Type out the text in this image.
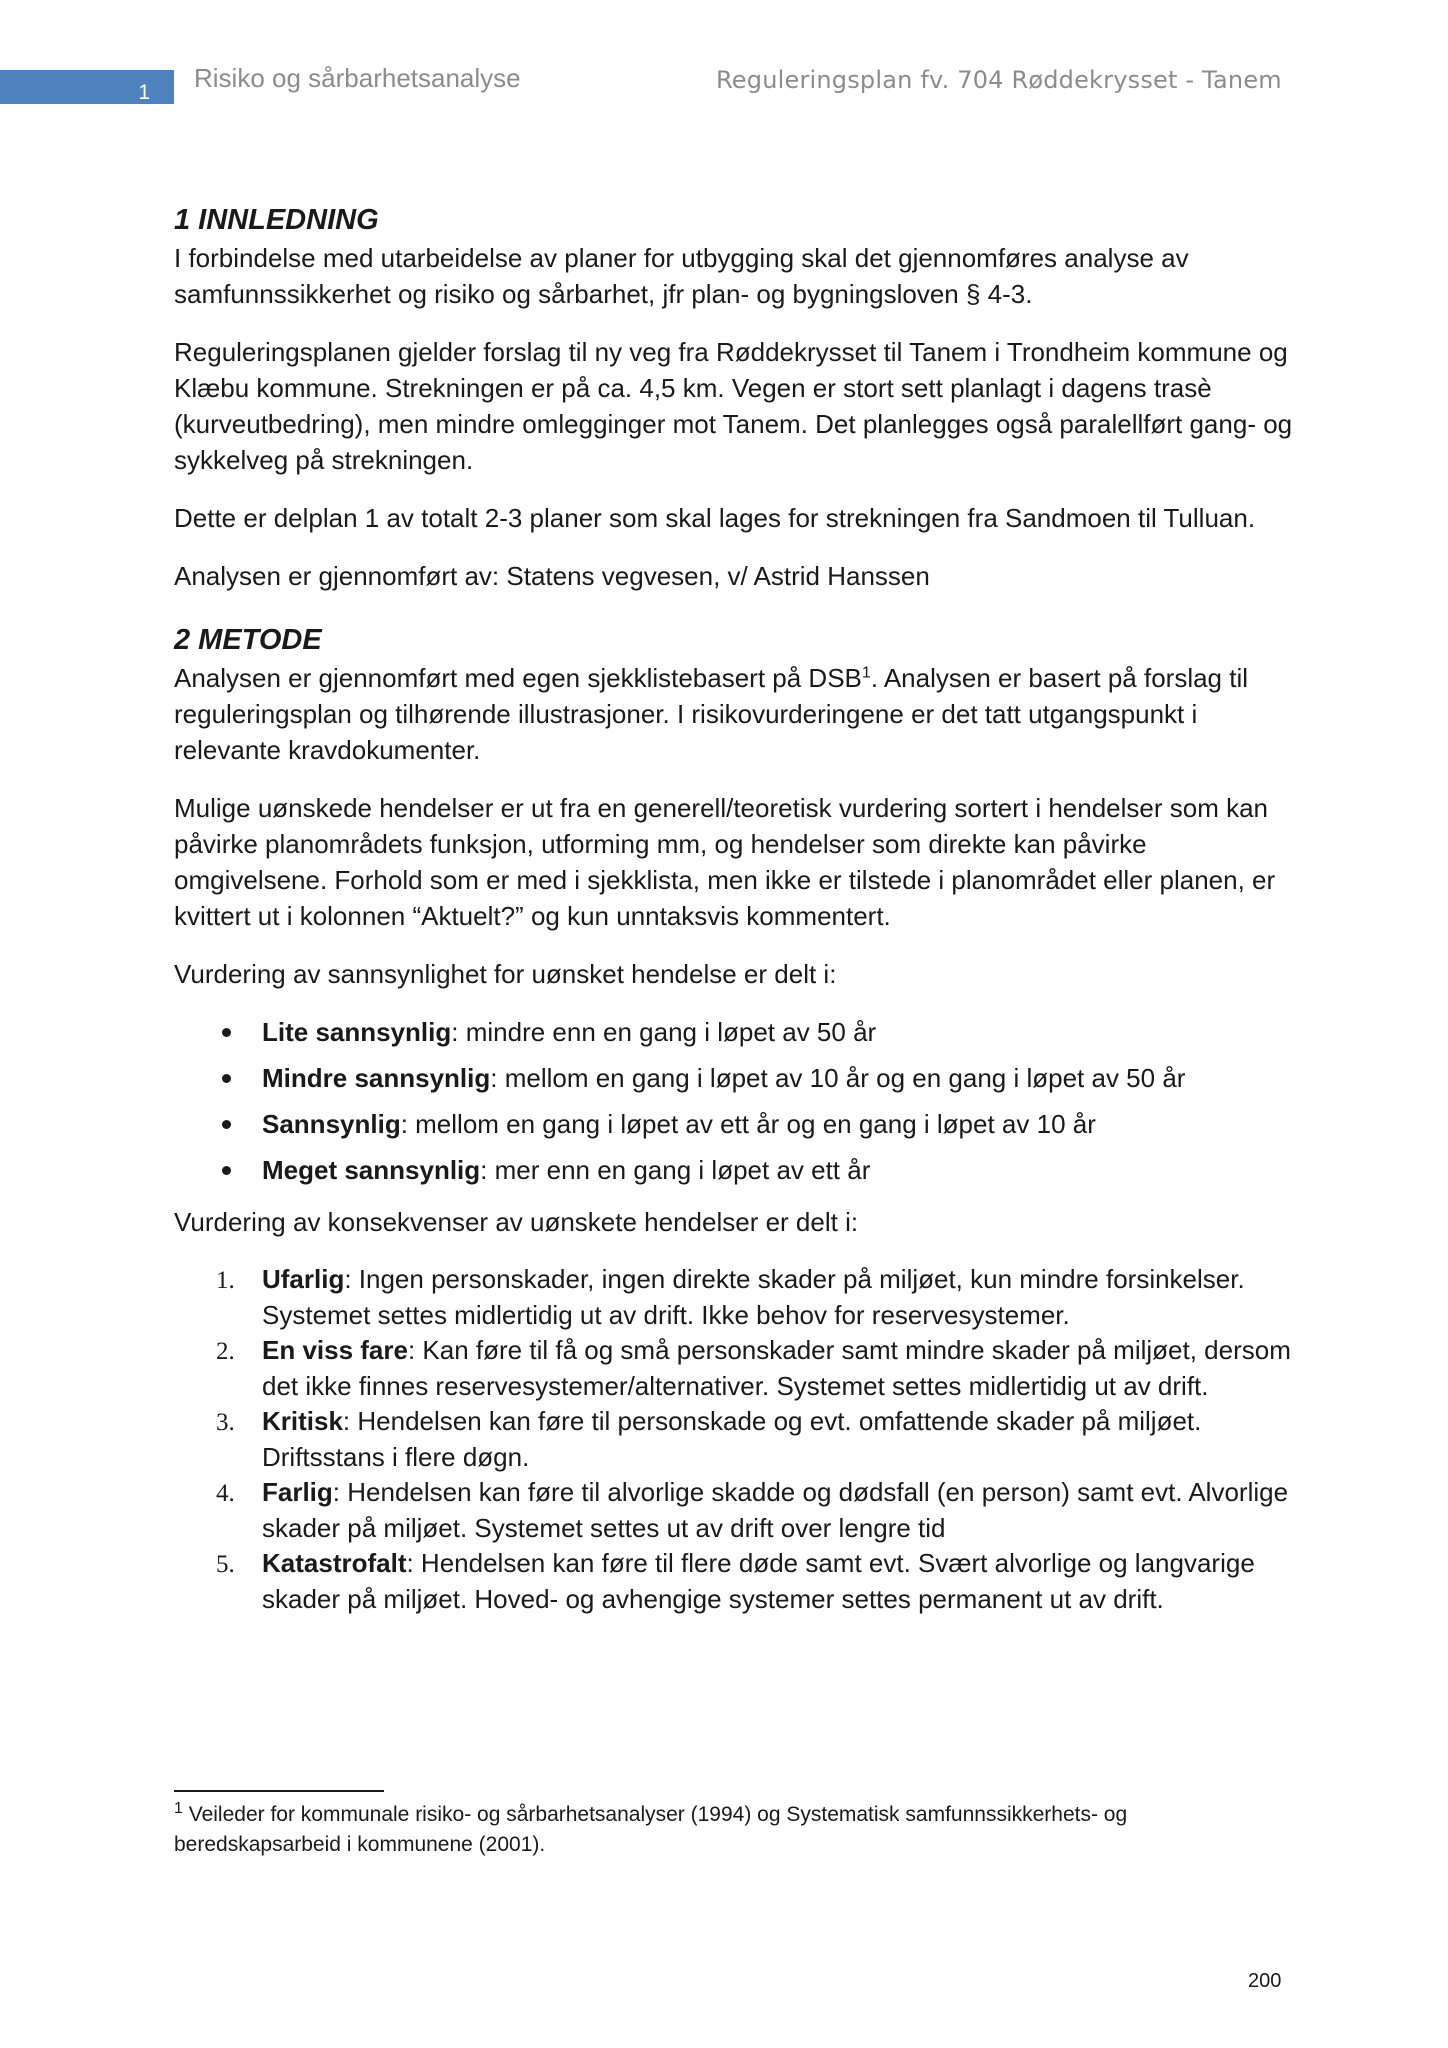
1 Risiko og sårbarhetsanalyse	Reguleringsplan fv. 704 Røddekrysset - Tanem
1 INNLEDNING

I forbindelse med utarbeidelse av planer for utbygging skal det gjennomføres analyse av samfunnssikkerhet og risiko og sårbarhet, jfr plan- og bygningsloven § 4-3.

Reguleringsplanen gjelder forslag til ny veg fra Røddekrysset til Tanem i Trondheim kommune og Klæbu kommune. Strekningen er på ca. 4,5 km. Vegen er stort sett planlagt i dagens trasè (kurveutbedring), men mindre omlegginger mot Tanem. Det planlegges også paralellført gang- og sykkelveg på strekningen.

Dette er delplan 1 av totalt 2-3 planer som skal lages for strekningen fra Sandmoen til Tulluan.

Analysen er gjennomført av: Statens vegvesen, v/ Astrid Hanssen

2 METODE

Analysen er gjennomført med egen sjekklistebasert på DSB$^1$. Analysen er basert på forslag til reguleringsplan og tilhørende illustrasjoner. I risikovurderingene er det tatt utgangspunkt i relevante kravdokumenter.

Mulige uønskede hendelser er ut fra en generell/teoretisk vurdering sortert i hendelser som kan påvirke planområdets funksjon, utforming mm, og hendelser som direkte kan påvirke omgivelsene. Forhold som er med i sjekklista, men ikke er tilstede i planområdet eller planen, er kvittert ut i kolonnen “Aktuelt?” og kun unntaksvis kommentert.

Vurdering av sannsynlighet for uønsket hendelse er delt i:

Lite sannsynlig: mindre enn en gang i løpet av 50 år
Mindre sannsynlig: mellom en gang i løpet av 10 år og en gang i løpet av 50 år
Sannsynlig: mellom en gang i løpet av ett år og en gang i løpet av 10 år
Meget sannsynlig: mer enn en gang i løpet av ett år

Vurdering av konsekvenser av uønskete hendelser er delt i:

1. Ufarlig: Ingen personskader, ingen direkte skader på miljøet, kun mindre forsinkelser. Systemet settes midlertidig ut av drift. Ikke behov for reservesystemer.
2. En viss fare: Kan føre til få og små personskader samt mindre skader på miljøet, dersom det ikke finnes reservesystemer/alternativer. Systemet settes midlertidig ut av drift.
3. Kritisk: Hendelsen kan føre til personskade og evt. omfattende skader på miljøet. Driftsstans i flere døgn.
4. Farlig: Hendelsen kan føre til alvorlige skadde og dødsfall (en person) samt evt. Alvorlige skader på miljøet. Systemet settes ut av drift over lengre tid
5. Katastrofalt: Hendelsen kan føre til flere døde samt evt. Svært alvorlige og langvarige skader på miljøet. Hoved- og avhengige systemer settes permanent ut av drift.
$^1$ Veileder for kommunale risiko- og sårbarhetsanalyser (1994) og Systematisk samfunnssikkerhets- og beredskapsarbeid i kommunene (2001).
200
